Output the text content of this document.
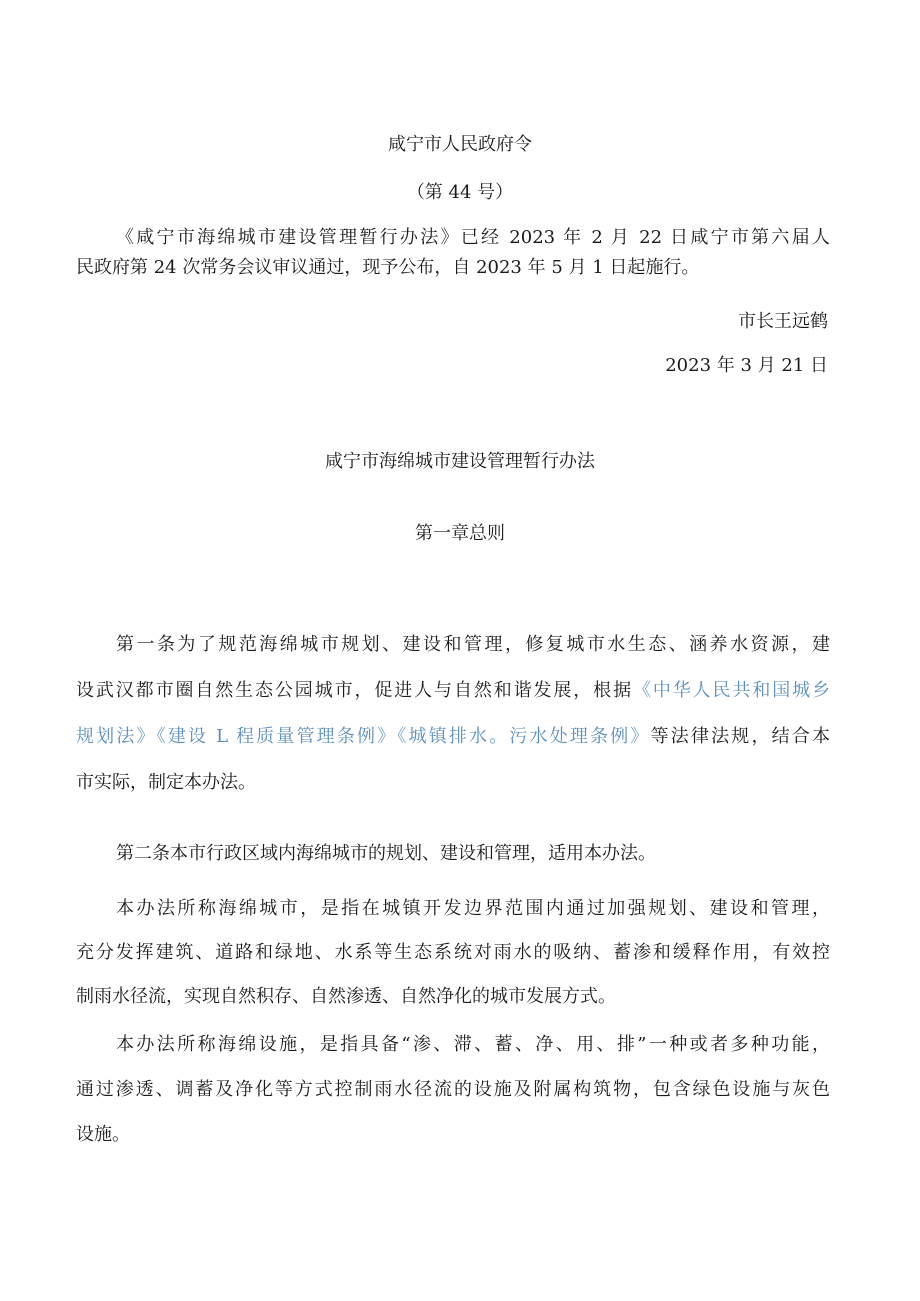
咸宁市人民政府令
（第 44 号）
《咸宁市海绵城市建设管理暂行办法》已经 2023 年 2 月 22 日咸宁市第六届人
民政府第 24 次常务会议审议通过，现予公布，自 2023 年 5 月 1 日起施行。
市长王远鹤
2023 年 3 月 21 日
咸宁市海绵城市建设管理暂行办法
第一章总则
第一条为了规范海绵城市规划、建设和管理，修复城市水生态、涵养水资源，建
设武汉都市圈自然生态公园城市，促进人与自然和谐发展，根据《中华人民共和国城乡
规划法》《建设 L 程质量管理条例》《城镇排水。污水处理条例》等法律法规，结合本
市实际，制定本办法。
第二条本市行政区域内海绵城市的规划、建设和管理，适用本办法。
本办法所称海绵城市，是指在城镇开发边界范围内通过加强规划、建设和管理，
充分发挥建筑、道路和绿地、水系等生态系统对雨水的吸纳、蓄渗和缓释作用，有效控
制雨水径流，实现自然积存、自然渗透、自然净化的城市发展方式。
本办法所称海绵设施，是指具备“渗、滞、蓄、净、用、排”一种或者多种功能，
通过渗透、调蓄及净化等方式控制雨水径流的设施及附属构筑物，包含绿色设施与灰色
设施。
